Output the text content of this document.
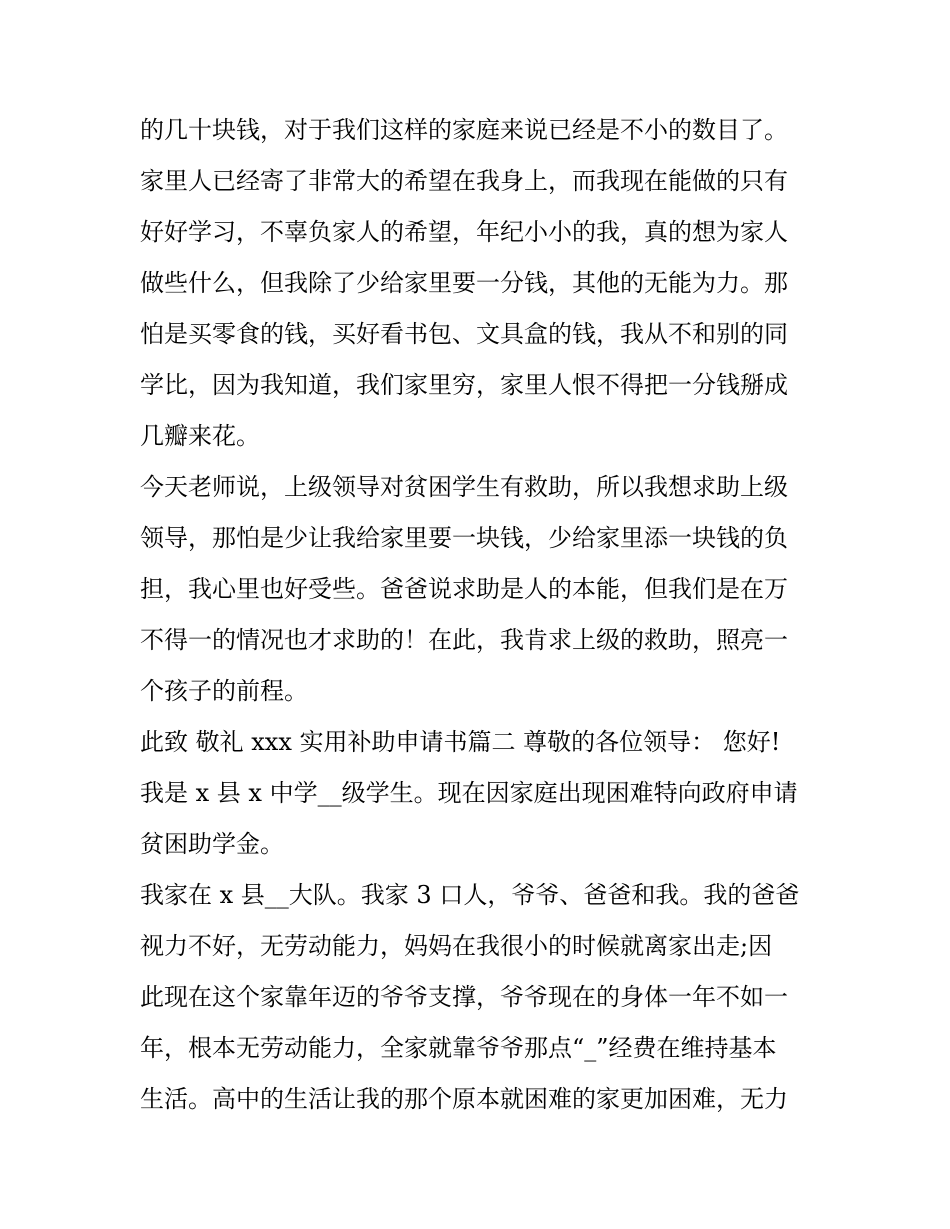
的几十块钱，对于我们这样的家庭来说已经是不小的数目了。
家里人已经寄了非常大的希望在我身上，而我现在能做的只有
好好学习，不辜负家人的希望，年纪小小的我，真的想为家人
做些什么，但我除了少给家里要一分钱，其他的无能为力。那
怕是买零食的钱，买好看书包、文具盒的钱，我从不和别的同
学比，因为我知道，我们家里穷，家里人恨不得把一分钱掰成
几瓣来花。
今天老师说，上级领导对贫困学生有救助，所以我想求助上级
领导，那怕是少让我给家里要一块钱，少给家里添一块钱的负
担，我心里也好受些。爸爸说求助是人的本能，但我们是在万
不得一的情况也才求助的！在此，我肯求上级的救助，照亮一
个孩子的前程。
此致 敬礼 xxx 实用补助申请书篇二 尊敬的各位领导： 您好!
我是 x 县 x 中学__级学生。现在因家庭出现困难特向政府申请
贫困助学金。
我家在 x 县__大队。我家 3 口人，爷爷、爸爸和我。我的爸爸
视力不好，无劳动能力，妈妈在我很小的时候就离家出走;因
此现在这个家靠年迈的爷爷支撑，爷爷现在的身体一年不如一
年，根本无劳动能力，全家就靠爷爷那点“_”经费在维持基本
生活。高中的生活让我的那个原本就困难的家更加困难，无力
